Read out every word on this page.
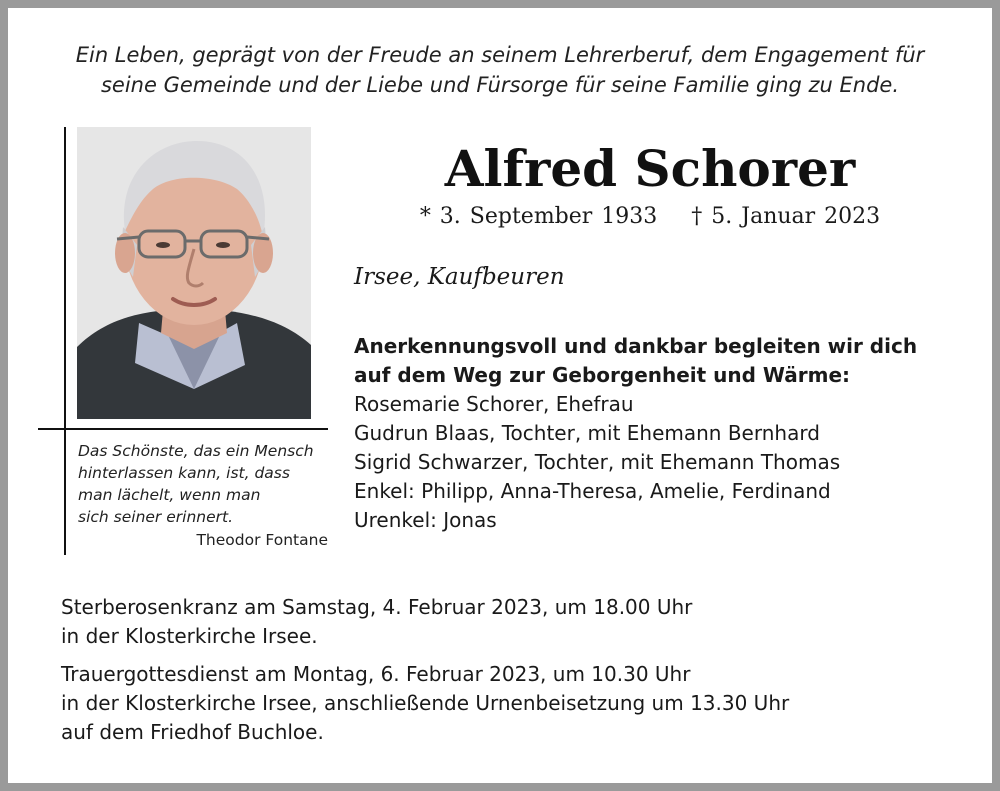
Ein Leben, geprägt von der Freude an seinem Lehrerberuf, dem Engagement für
seine Gemeinde und der Liebe und Fürsorge für seine Familie ging zu Ende.
Das Schönste, das ein Mensch
hinterlassen kann, ist, dass
man lächelt, wenn man
sich seiner erinnert.
Theodor Fontane
Alfred Schorer
* 3. September 1933 † 5. Januar 2023
Irsee, Kaufbeuren
Anerkennungsvoll und dankbar begleiten wir dich
auf dem Weg zur Geborgenheit und Wärme:
Rosemarie Schorer, Ehefrau
Gudrun Blaas, Tochter, mit Ehemann Bernhard
Sigrid Schwarzer, Tochter, mit Ehemann Thomas
Enkel: Philipp, Anna-Theresa, Amelie, Ferdinand
Urenkel: Jonas
Sterberosenkranz am Samstag, 4. Februar 2023, um 18.00 Uhr
in der Klosterkirche Irsee.
Trauergottesdienst am Montag, 6. Februar 2023, um 10.30 Uhr
in der Klosterkirche Irsee, anschließende Urnenbeisetzung um 13.30 Uhr
auf dem Friedhof Buchloe.
